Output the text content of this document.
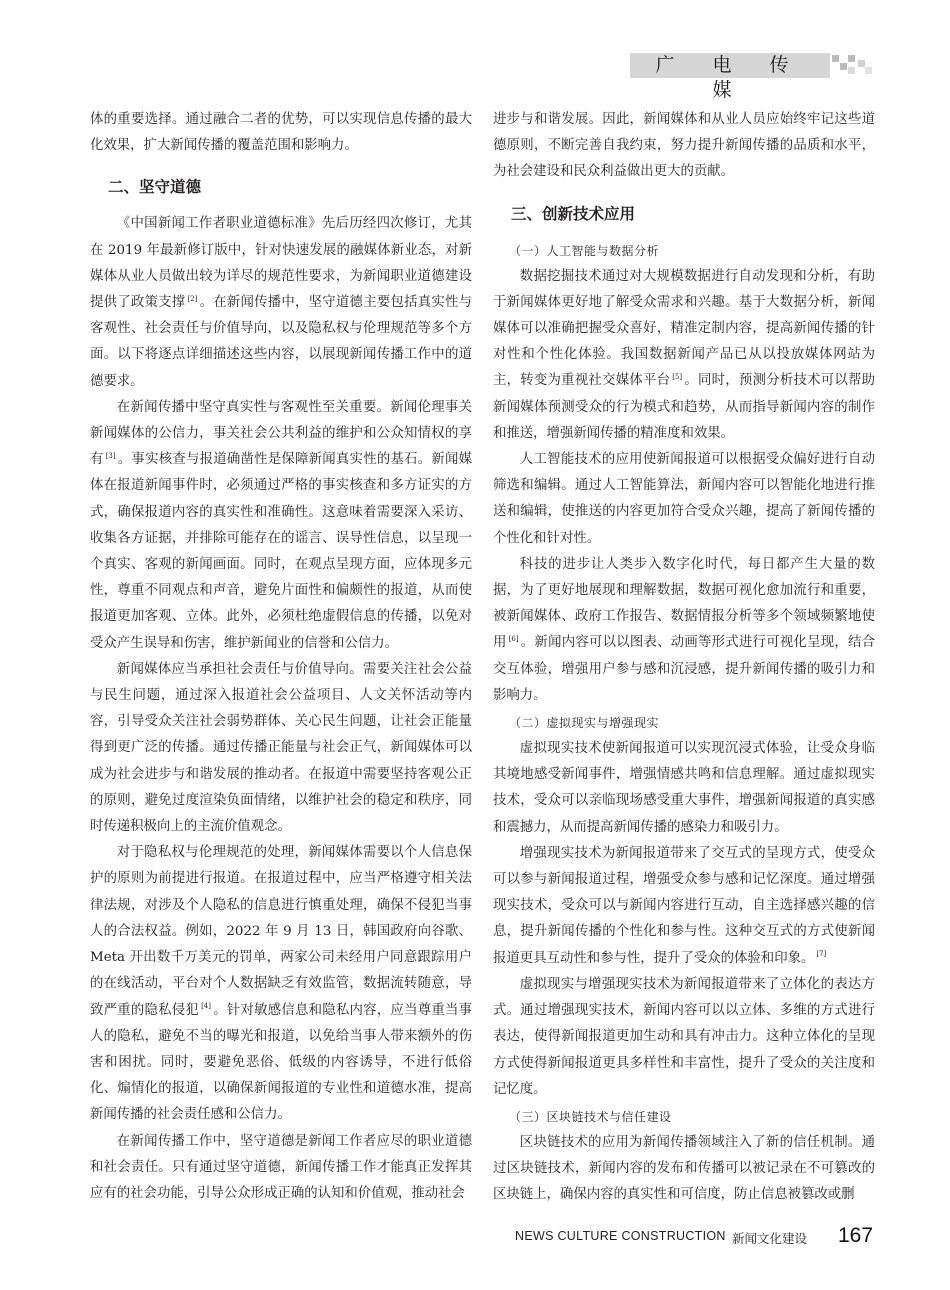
广 电 传 媒

体的重要选择。通过融合二者的优势，可以实现信息传播的最大化效果，扩大新闻传播的覆盖范围和影响力。

二、坚守道德

《中国新闻工作者职业道德标准》先后历经四次修订，尤其在 2019 年最新修订版中，针对快速发展的融媒体新业态，对新媒体从业人员做出较为详尽的规范性要求，为新闻职业道德建设提供了政策支撑 [2] 。在新闻传播中，坚守道德主要包括真实性与客观性、社会责任与价值导向，以及隐私权与伦理规范等多个方面。以下将逐点详细描述这些内容，以展现新闻传播工作中的道德要求。

在新闻传播中坚守真实性与客观性至关重要。新闻伦理事关新闻媒体的公信力，事关社会公共利益的维护和公众知情权的享有 [3] 。事实核查与报道确凿性是保障新闻真实性的基石。新闻媒体在报道新闻事件时，必须通过严格的事实核查和多方证实的方式，确保报道内容的真实性和准确性。这意味着需要深入采访、收集各方证据，并排除可能存在的谣言、误导性信息，以呈现一个真实、客观的新闻画面。同时，在观点呈现方面，应体现多元性，尊重不同观点和声音，避免片面性和偏颇性的报道，从而使报道更加客观、立体。此外，必须杜绝虚假信息的传播，以免对受众产生误导和伤害，维护新闻业的信誉和公信力。

新闻媒体应当承担社会责任与价值导向。需要关注社会公益与民生问题，通过深入报道社会公益项目、人文关怀活动等内容，引导受众关注社会弱势群体、关心民生问题，让社会正能量得到更广泛的传播。通过传播正能量与社会正气，新闻媒体可以成为社会进步与和谐发展的推动者。在报道中需要坚持客观公正的原则，避免过度渲染负面情绪，以维护社会的稳定和秩序，同时传递积极向上的主流价值观念。

对于隐私权与伦理规范的处理，新闻媒体需要以个人信息保护的原则为前提进行报道。在报道过程中，应当严格遵守相关法律法规，对涉及个人隐私的信息进行慎重处理，确保不侵犯当事人的合法权益。例如，2022 年 9 月 13 日，韩国政府向谷歌、Meta 开出数千万美元的罚单，两家公司未经用户同意跟踪用户的在线活动，平台对个人数据缺乏有效监管，数据流转随意，导致严重的隐私侵犯 [4] 。针对敏感信息和隐私内容，应当尊重当事人的隐私，避免不当的曝光和报道，以免给当事人带来额外的伤害和困扰。同时，要避免恶俗、低级的内容诱导，不进行低俗化、煽情化的报道，以确保新闻报道的专业性和道德水准，提高新闻传播的社会责任感和公信力。

在新闻传播工作中，坚守道德是新闻工作者应尽的职业道德和社会责任。只有通过坚守道德，新闻传播工作才能真正发挥其应有的社会功能，引导公众形成正确的认知和价值观，推动社会

进步与和谐发展。因此，新闻媒体和从业人员应始终牢记这些道德原则，不断完善自我约束，努力提升新闻传播的品质和水平，为社会建设和民众利益做出更大的贡献。

三、创新技术应用
（一）人工智能与数据分析

数据挖掘技术通过对大规模数据进行自动发现和分析，有助于新闻媒体更好地了解受众需求和兴趣。基于大数据分析，新闻媒体可以准确把握受众喜好，精准定制内容，提高新闻传播的针对性和个性化体验。我国数据新闻产品已从以投放媒体网站为主，转变为重视社交媒体平台 [5] 。同时，预测分析技术可以帮助新闻媒体预测受众的行为模式和趋势，从而指导新闻内容的制作和推送，增强新闻传播的精准度和效果。

人工智能技术的应用使新闻报道可以根据受众偏好进行自动筛选和编辑。通过人工智能算法，新闻内容可以智能化地进行推送和编辑，使推送的内容更加符合受众兴趣，提高了新闻传播的个性化和针对性。

科技的进步让人类步入数字化时代，每日都产生大量的数据，为了更好地展现和理解数据，数据可视化愈加流行和重要，被新闻媒体、政府工作报告、数据情报分析等多个领域频繁地使用 [6] 。新闻内容可以以图表、动画等形式进行可视化呈现，结合交互体验，增强用户参与感和沉浸感，提升新闻传播的吸引力和影响力。

（二）虚拟现实与增强现实

虚拟现实技术使新闻报道可以实现沉浸式体验，让受众身临其境地感受新闻事件，增强情感共鸣和信息理解。通过虚拟现实技术，受众可以亲临现场感受重大事件，增强新闻报道的真实感和震撼力，从而提高新闻传播的感染力和吸引力。

增强现实技术为新闻报道带来了交互式的呈现方式，使受众可以参与新闻报道过程，增强受众参与感和记忆深度。通过增强现实技术，受众可以与新闻内容进行互动，自主选择感兴趣的信息，提升新闻传播的个性化和参与性。这种交互式的方式使新闻报道更具互动性和参与性，提升了受众的体验和印象。 [7]

虚拟现实与增强现实技术为新闻报道带来了立体化的表达方式。通过增强现实技术，新闻内容可以以立体、多维的方式进行表达，使得新闻报道更加生动和具有冲击力。这种立体化的呈现方式使得新闻报道更具多样性和丰富性，提升了受众的关注度和记忆度。

（三）区块链技术与信任建设

区块链技术的应用为新闻传播领域注入了新的信任机制。通过区块链技术，新闻内容的发布和传播可以被记录在不可篡改的区块链上，确保内容的真实性和可信度，防止信息被篡改或删

NEWS CULTURE CONSTRUCTION 新闻文化建设 167
